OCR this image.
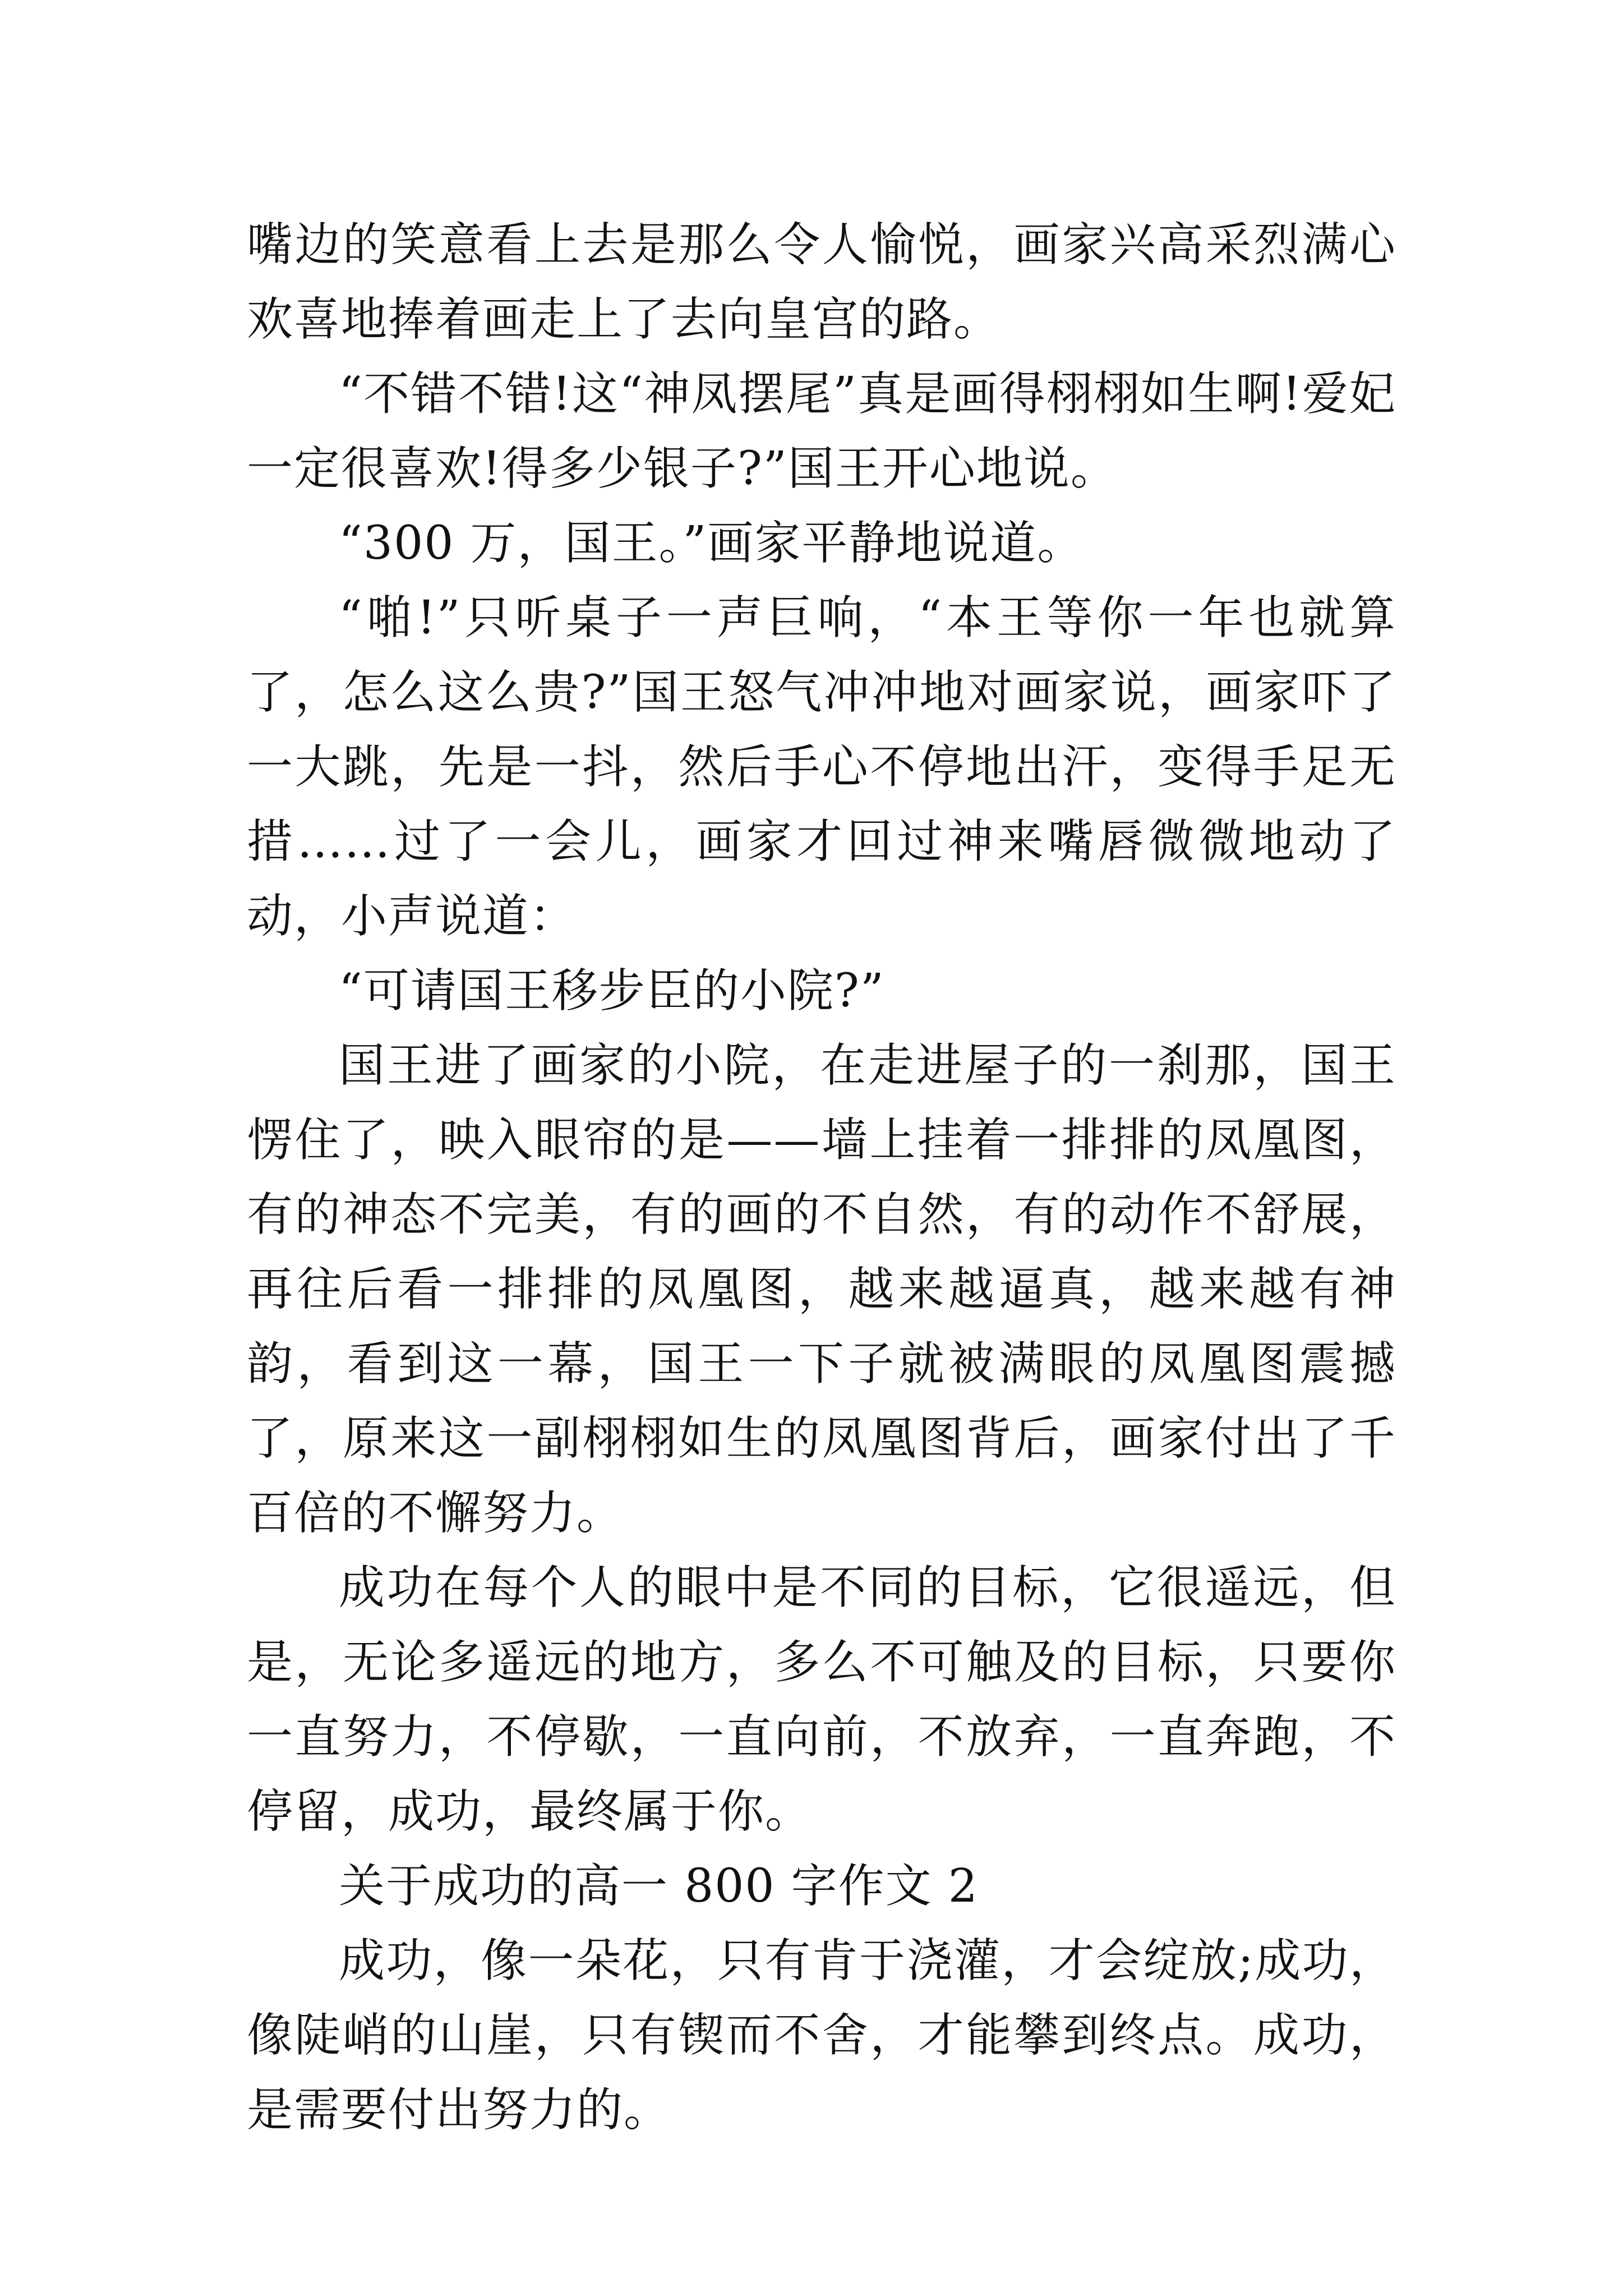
嘴边的笑意看上去是那么令人愉悦，画家兴高采烈满心欢喜地捧着画走上了去向皇宫的路。

“不错不错!这“神凤摆尾”真是画得栩栩如生啊!爱妃一定很喜欢!得多少银子?”国王开心地说。

“300 万，国王。”画家平静地说道。

“啪!”只听桌子一声巨响，“本王等你一年也就算了，怎么这么贵?”国王怒气冲冲地对画家说，画家吓了一大跳，先是一抖，然后手心不停地出汗，变得手足无措……过了一会儿，画家才回过神来嘴唇微微地动了动，小声说道：

“可请国王移步臣的小院?”

国王进了画家的小院，在走进屋子的一刹那，国王愣住了，映入眼帘的是——墙上挂着一排排的凤凰图，有的神态不完美，有的画的不自然，有的动作不舒展，再往后看一排排的凤凰图，越来越逼真，越来越有神韵，看到这一幕，国王一下子就被满眼的凤凰图震撼了，原来这一副栩栩如生的凤凰图背后，画家付出了千百倍的不懈努力。

成功在每个人的眼中是不同的目标，它很遥远，但是，无论多遥远的地方，多么不可触及的目标，只要你一直努力，不停歇，一直向前，不放弃，一直奔跑，不停留，成功，最终属于你。

关于成功的高一 800 字作文 2

成功，像一朵花，只有肯于浇灌，才会绽放;成功，像陡峭的山崖，只有锲而不舍，才能攀到终点。成功，是需要付出努力的。
